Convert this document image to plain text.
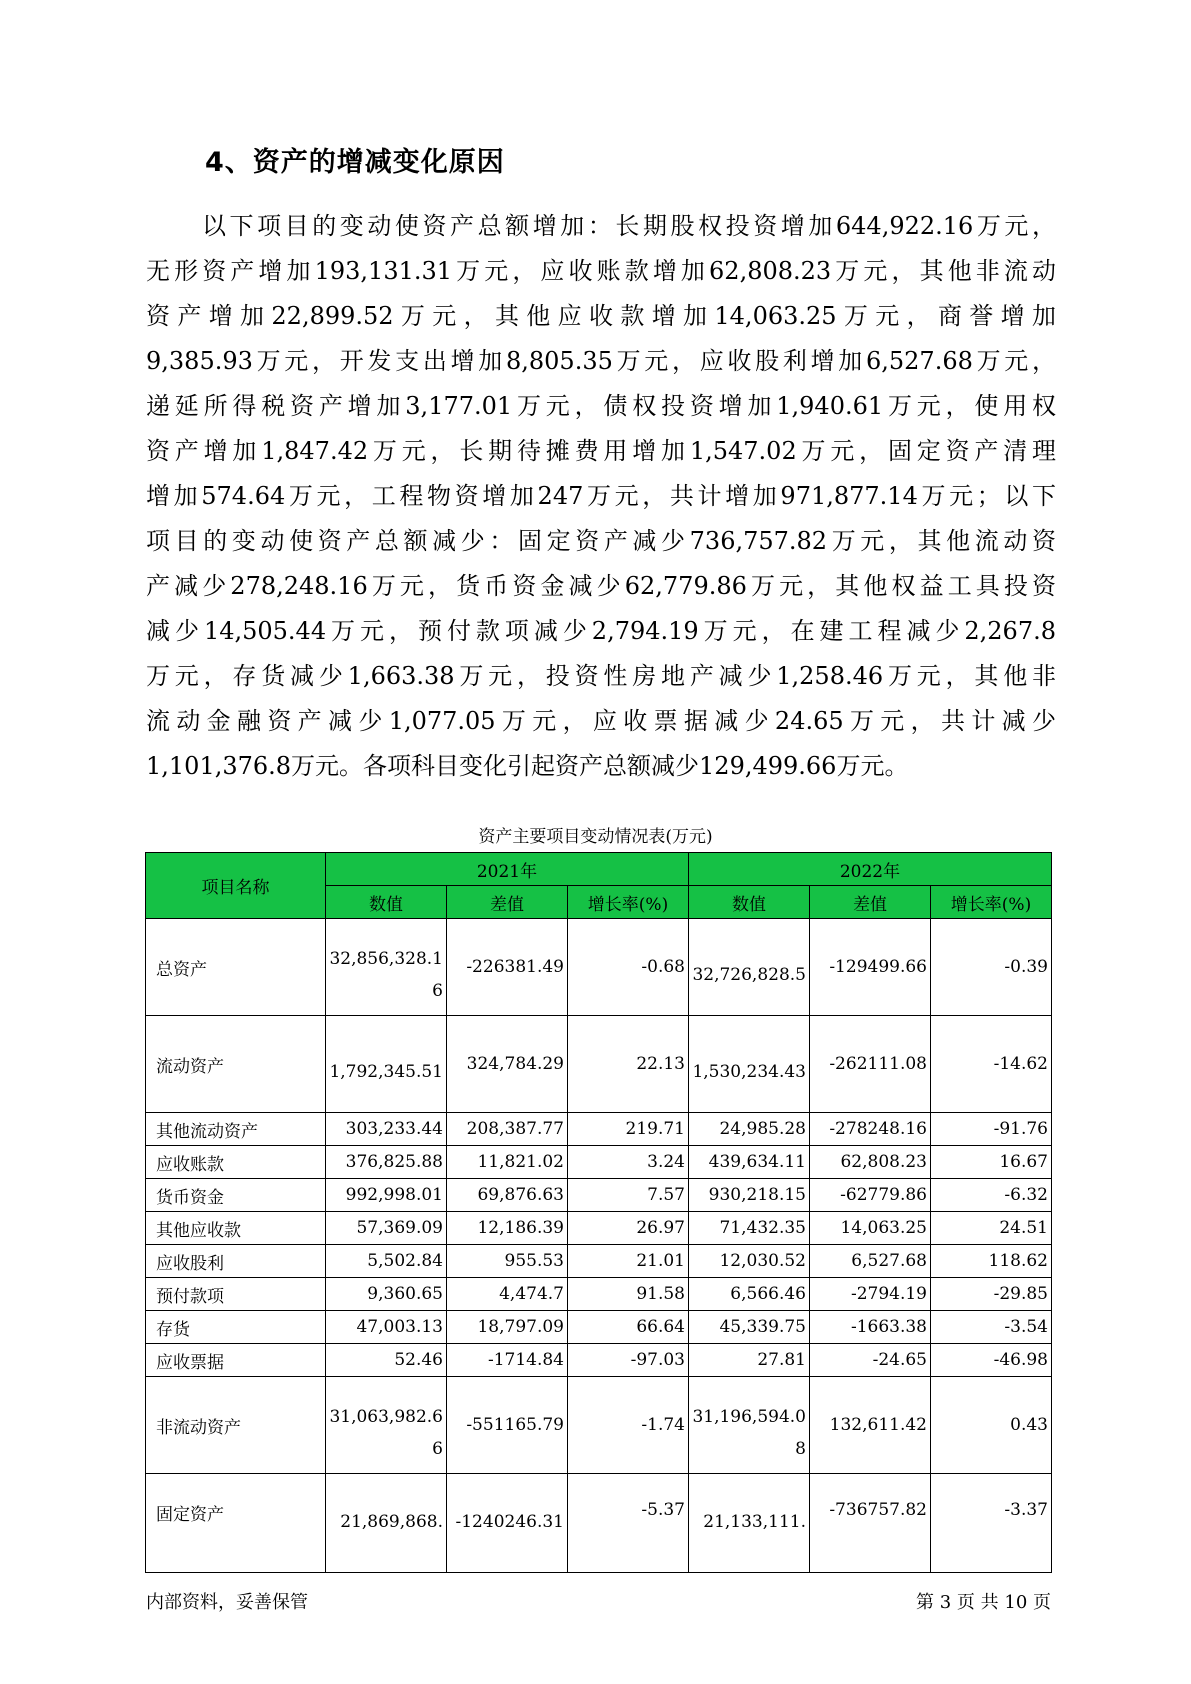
4、资产的增减变化原因
以下项目的变动使资产总额增加：长期股权投资增加644,922.16万元，
无形资产增加193,131.31万元，应收账款增加62,808.23万元，其他非流动
资产增加22,899.52万元，其他应收款增加14,063.25万元，商誉增加
9,385.93万元，开发支出增加8,805.35万元，应收股利增加6,527.68万元，
递延所得税资产增加3,177.01万元，债权投资增加1,940.61万元，使用权
资产增加1,847.42万元，长期待摊费用增加1,547.02万元，固定资产清理
增加574.64万元，工程物资增加247万元，共计增加971,877.14万元；以下
项目的变动使资产总额减少：固定资产减少736,757.82万元，其他流动资
产减少278,248.16万元，货币资金减少62,779.86万元，其他权益工具投资
减少14,505.44万元，预付款项减少2,794.19万元，在建工程减少2,267.8
万元，存货减少1,663.38万元，投资性房地产减少1,258.46万元，其他非
流动金融资产减少1,077.05万元，应收票据减少24.65万元，共计减少
1,101,376.8万元。各项科目变化引起资产总额减少129,499.66万元。
资产主要项目变动情况表(万元)
项目名称	2021年			2022年		
	数值	差值	增长率(%)	数值	差值	增长率(%)
总资产	32,856,328.16	-226381.49	-0.68	32,726,828.5	-129499.66	-0.39
流动资产	1,792,345.51	324,784.29	22.13	1,530,234.43	-262111.08	-14.62
其他流动资产	303,233.44	208,387.77	219.71	24,985.28	-278248.16	-91.76
应收账款	376,825.88	11,821.02	3.24	439,634.11	62,808.23	16.67
货币资金	992,998.01	69,876.63	7.57	930,218.15	-62779.86	-6.32
其他应收款	57,369.09	12,186.39	26.97	71,432.35	14,063.25	24.51
应收股利	5,502.84	955.53	21.01	12,030.52	6,527.68	118.62
预付款项	9,360.65	4,474.7	91.58	6,566.46	-2794.19	-29.85
存货	47,003.13	18,797.09	66.64	45,339.75	-1663.38	-3.54
应收票据	52.46	-1714.84	-97.03	27.81	-24.65	-46.98
非流动资产	31,063,982.66	-551165.79	-1.74	31,196,594.08	132,611.42	0.43
固定资产	21,869,868.	-1240246.31	-5.37	21,133,111.	-736757.82	-3.37
内部资料，妥善保管	第 3 页 共 10 页
